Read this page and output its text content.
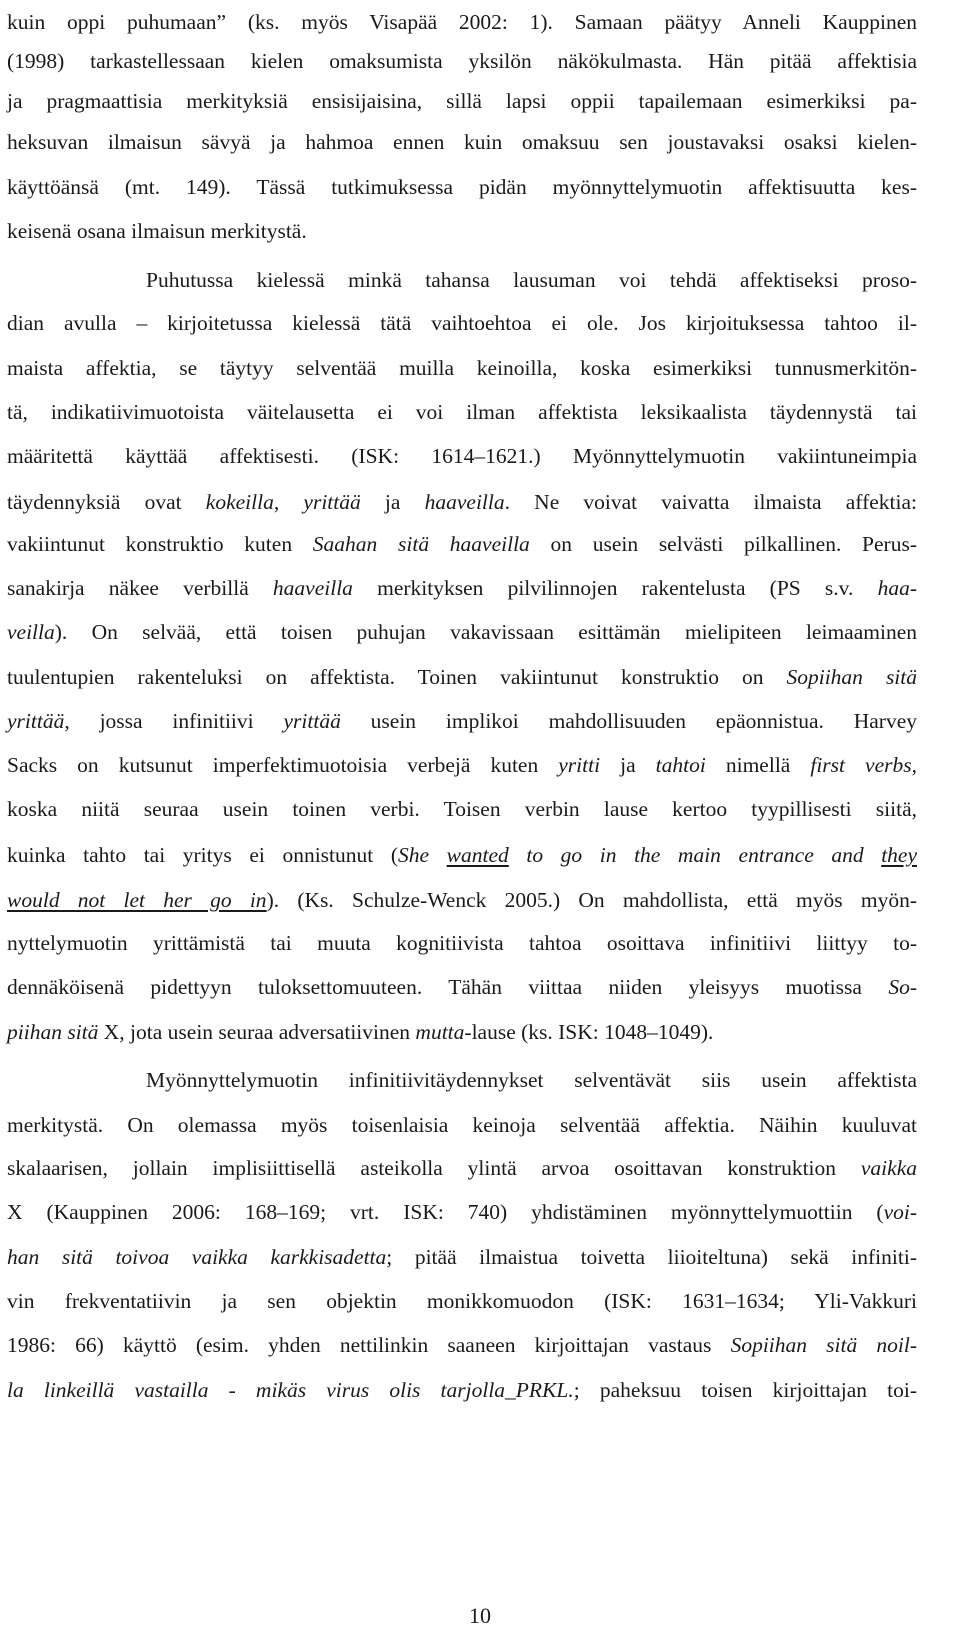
kuin oppi puhumaan” (ks. myös Visapää 2002: 1). Samaan päätyy Anneli Kauppinen
(1998) tarkastellessaan kielen omaksumista yksilön näkökulmasta. Hän pitää affektisia
ja pragmaattisia merkityksiä ensisijaisina, sillä lapsi oppii tapailemaan esimerkiksi pa-
heksuvan ilmaisun sävyä ja hahmoa ennen kuin omaksuu sen joustavaksi osaksi kielen-
käyttöänsä (mt. 149). Tässä tutkimuksessa pidän myönnyttelymuotin affektisuutta kes-
keisenä osana ilmaisun merkitystä.
Puhutussa kielessä minkä tahansa lausuman voi tehdä affektiseksi proso-
dian avulla – kirjoitetussa kielessä tätä vaihtoehtoa ei ole. Jos kirjoituksessa tahtoo il-
maista affektia, se täytyy selventää muilla keinoilla, koska esimerkiksi tunnusmerkitön-
tä, indikatiivimuotoista väitelausetta ei voi ilman affektista leksikaalista täydennystä tai
määritettä käyttää affektisesti. (ISK: 1614–1621.) Myönnyttelymuotin vakiintuneimpia
täydennyksiä ovat kokeilla, yrittää ja haaveilla. Ne voivat vaivatta ilmaista affektia:
vakiintunut konstruktio kuten Saahan sitä haaveilla on usein selvästi pilkallinen. Perus-
sanakirja näkee verbillä haaveilla merkityksen pilvilinnojen rakentelusta (PS s.v. haa-
veilla). On selvää, että toisen puhujan vakavissaan esittämän mielipiteen leimaaminen
tuulentupien rakenteluksi on affektista. Toinen vakiintunut konstruktio on Sopiihan sitä
yrittää, jossa infinitiivi yrittää usein implikoi mahdollisuuden epäonnistua. Harvey
Sacks on kutsunut imperfektimuotoisia verbejä kuten yritti ja tahtoi nimellä first verbs,
koska niitä seuraa usein toinen verbi. Toisen verbin lause kertoo tyypillisesti siitä,
kuinka tahto tai yritys ei onnistunut (She wanted to go in the main entrance and they
would not let her go in). (Ks. Schulze-Wenck 2005.) On mahdollista, että myös myön-
nyttelymuotin yrittämistä tai muuta kognitiivista tahtoa osoittava infinitiivi liittyy to-
dennäköisenä pidettyyn tuloksettomuuteen. Tähän viittaa niiden yleisyys muotissa So-
piihan sitä X, jota usein seuraa adversatiivinen mutta-lause (ks. ISK: 1048–1049).
Myönnyttelymuotin infinitiivitäydennykset selventävät siis usein affektista
merkitystä. On olemassa myös toisenlaisia keinoja selventää affektia. Näihin kuuluvat
skalaarisen, jollain implisiittisellä asteikolla ylintä arvoa osoittavan konstruktion vaikka
X (Kauppinen 2006: 168–169; vrt. ISK: 740) yhdistäminen myönnyttelymuottiin (voi-
han sitä toivoa vaikka karkkisadetta; pitää ilmaistua toivetta liioiteltuna) sekä infiniti-
vin frekventatiivin ja sen objektin monikkomuodon (ISK: 1631–1634; Yli-Vakkuri
1986: 66) käyttö (esim. yhden nettilinkin saaneen kirjoittajan vastaus Sopiihan sitä noil-
la linkeillä vastailla - mikäs virus olis tarjolla_PRKL.; paheksuu toisen kirjoittajan toi-
10
